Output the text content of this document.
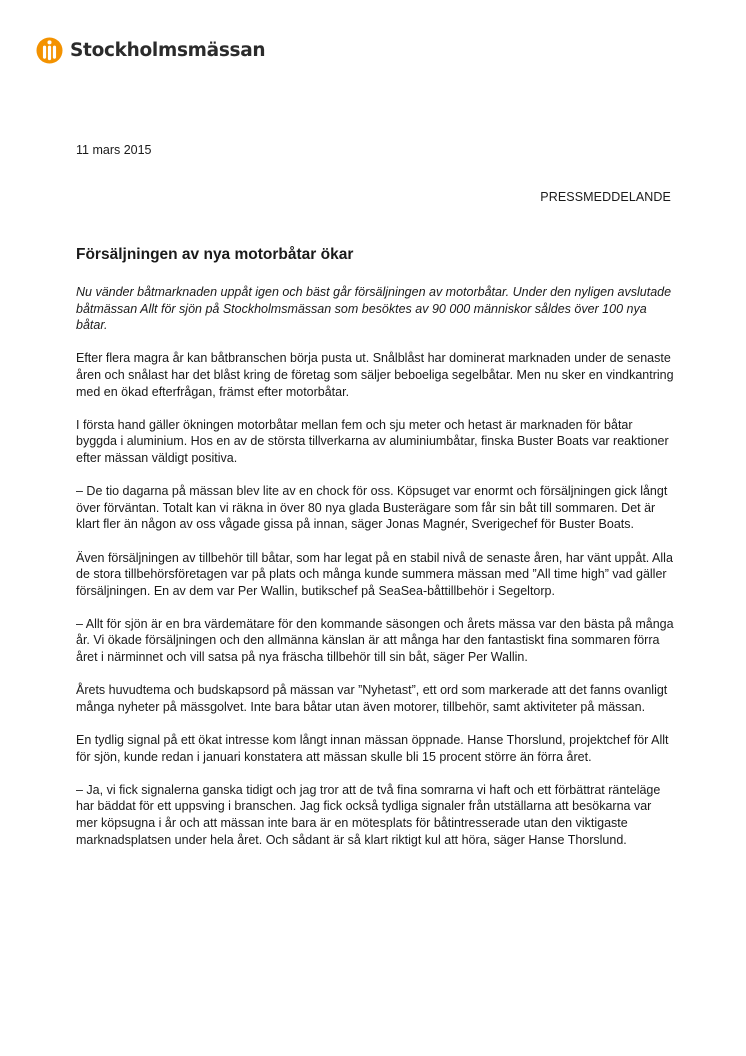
Stockholmsmässan
11 mars 2015
PRESSMEDDELANDE
Försäljningen av nya motorbåtar ökar

Nu vänder båtmarknaden uppåt igen och bäst går försäljningen av motorbåtar. Under den nyligen avslutade båtmässan Allt för sjön på Stockholmsmässan som besöktes av 90 000 människor såldes över 100 nya båtar.

Efter flera magra år kan båtbranschen börja pusta ut. Snålblåst har dominerat marknaden under de senaste åren och snålast har det blåst kring de företag som säljer beboeliga segelbåtar. Men nu sker en vindkantring med en ökad efterfrågan, främst efter motorbåtar.

I första hand gäller ökningen motorbåtar mellan fem och sju meter och hetast är marknaden för båtar byggda i aluminium. Hos en av de största tillverkarna av aluminiumbåtar, finska Buster Boats var reaktioner efter mässan väldigt positiva.

– De tio dagarna på mässan blev lite av en chock för oss. Köpsuget var enormt och försäljningen gick långt över förväntan. Totalt kan vi räkna in över 80 nya glada Busterägare som får sin båt till sommaren. Det är klart fler än någon av oss vågade gissa på innan, säger Jonas Magnér, Sverigechef för Buster Boats.

Även försäljningen av tillbehör till båtar, som har legat på en stabil nivå de senaste åren, har vänt uppåt. Alla de stora tillbehörsföretagen var på plats och många kunde summera mässan med ”All time high” vad gäller försäljningen. En av dem var Per Wallin, butikschef på SeaSea-båttillbehör i Segeltorp.

– Allt för sjön är en bra värdemätare för den kommande säsongen och årets mässa var den bästa på många år. Vi ökade försäljningen och den allmänna känslan är att många har den fantastiskt fina sommaren förra året i närminnet och vill satsa på nya fräscha tillbehör till sin båt, säger Per Wallin.

Årets huvudtema och budskapsord på mässan var ”Nyhetast”, ett ord som markerade att det fanns ovanligt många nyheter på mässgolvet. Inte bara båtar utan även motorer, tillbehör, samt aktiviteter på mässan.

En tydlig signal på ett ökat intresse kom långt innan mässan öppnade. Hanse Thorslund, projektchef för Allt för sjön, kunde redan i januari konstatera att mässan skulle bli 15 procent större än förra året.

– Ja, vi fick signalerna ganska tidigt och jag tror att de två fina somrarna vi haft och ett förbättrat ränteläge har bäddat för ett uppsving i branschen. Jag fick också tydliga signaler från utställarna att besökarna var mer köpsugna i år och att mässan inte bara är en mötesplats för båtintresserade utan den viktigaste marknadsplatsen under hela året. Och sådant är så klart riktigt kul att höra, säger Hanse Thorslund.
